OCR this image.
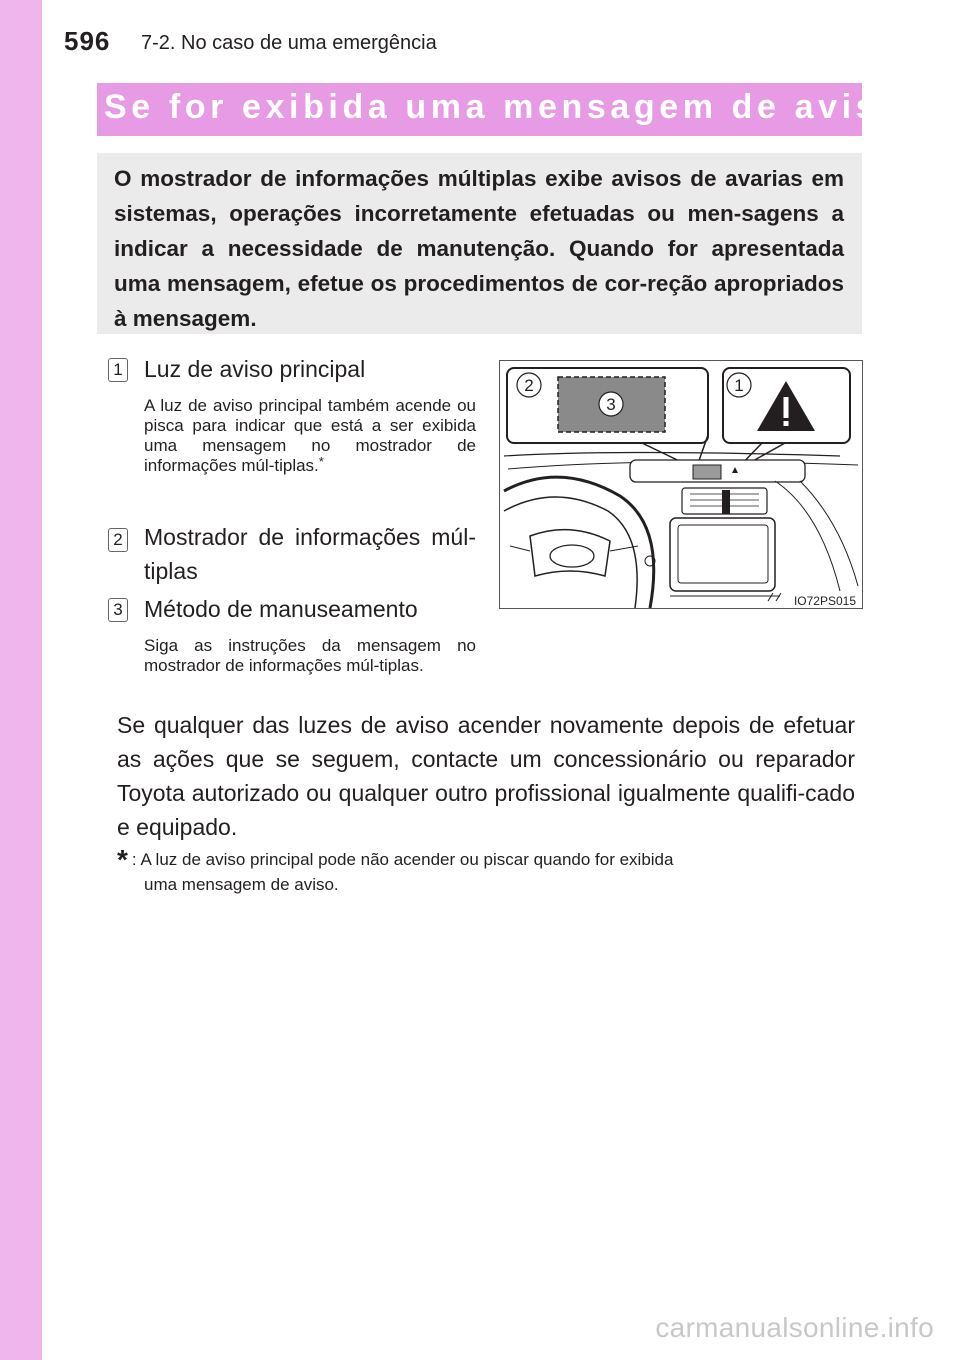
596 7-2. No caso de uma emergência
Se for exibida uma mensagem de aviso
O mostrador de informações múltiplas exibe avisos de avarias em sistemas, operações incorretamente efetuadas ou men-sagens a indicar a necessidade de manutenção. Quando for apresentada uma mensagem, efetue os procedimentos de cor-reção apropriados à mensagem.
1 Luz de aviso principal
A luz de aviso principal também acende ou pisca para indicar que está a ser exibida uma mensagem no mostrador de informações múl-tiplas.*
2 Mostrador de informações múl-tiplas
3 Método de manuseamento
Siga as instruções da mensagem no mostrador de informações múl-tiplas.
2	1
3
IO72PS015
Se qualquer das luzes de aviso acender novamente depois de efetuar as ações que se seguem, contacte um concessionário ou reparador Toyota autorizado ou qualquer outro profissional igualmente qualifi-cado e equipado.
* : A luz de aviso principal pode não acender ou piscar quando for exibida
uma mensagem de aviso.
carmanualsonline.info
